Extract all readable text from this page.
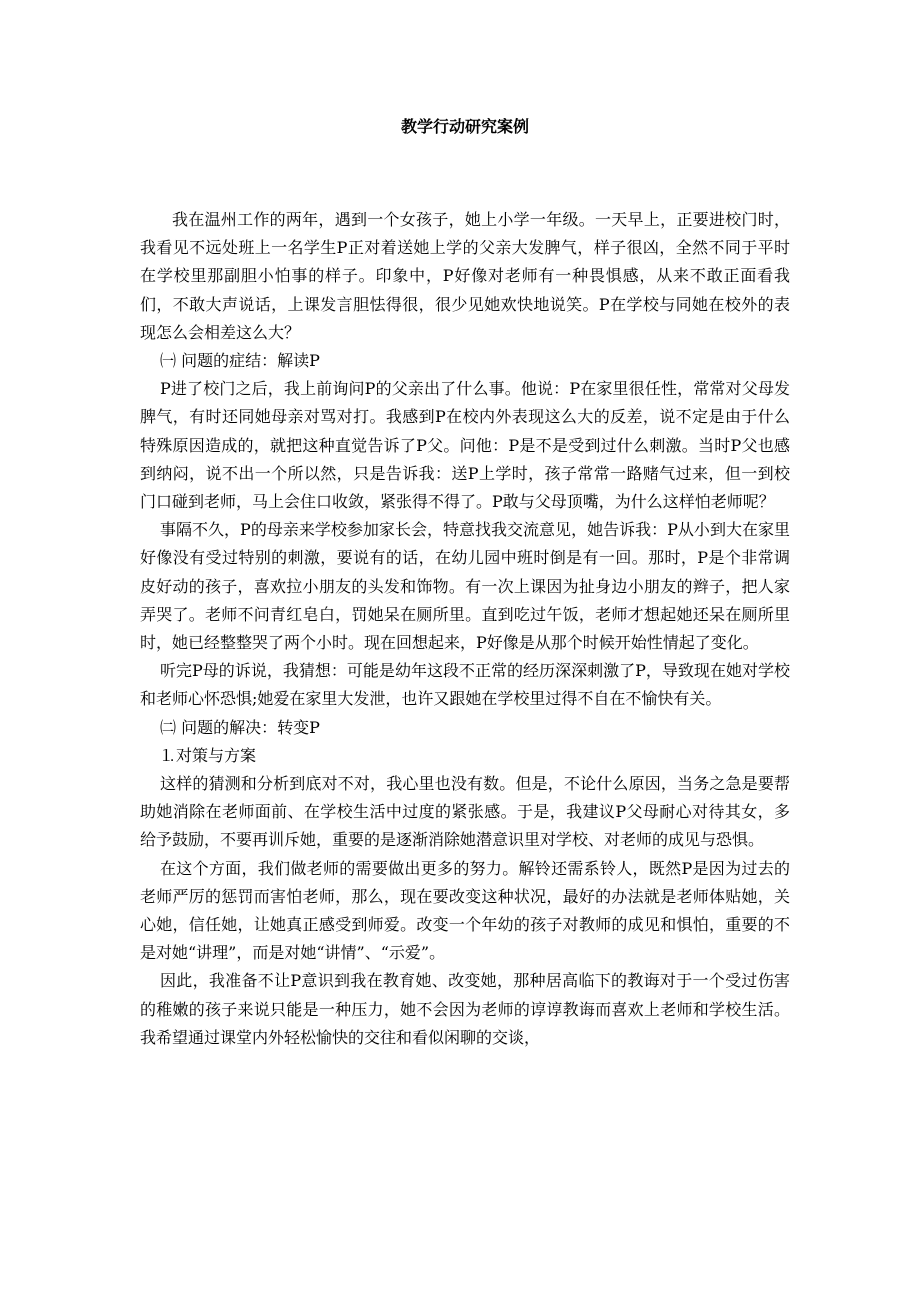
教学行动研究案例

我在温州工作的两年，遇到一个女孩子，她上小学一年级。一天早上，正要进校门时，我看见不远处班上一名学生P正对着送她上学的父亲大发脾气，样子很凶，全然不同于平时在学校里那副胆小怕事的样子。印象中，P好像对老师有一种畏惧感，从来不敢正面看我们，不敢大声说话，上课发言胆怯得很，很少见她欢快地说笑。P在学校与同她在校外的表现怎么会相差这么大？

㈠ 问题的症结：解读P

P进了校门之后，我上前询问P的父亲出了什么事。他说：P在家里很任性，常常对父母发脾气，有时还同她母亲对骂对打。我感到P在校内外表现这么大的反差，说不定是由于什么特殊原因造成的，就把这种直觉告诉了P父。问他：P是不是受到过什么刺激。当时P父也感到纳闷，说不出一个所以然，只是告诉我：送P上学时，孩子常常一路赌气过来，但一到校门口碰到老师，马上会住口收敛，紧张得不得了。P敢与父母顶嘴，为什么这样怕老师呢？

事隔不久，P的母亲来学校参加家长会，特意找我交流意见，她告诉我：P从小到大在家里好像没有受过特别的刺激，要说有的话，在幼儿园中班时倒是有一回。那时，P是个非常调皮好动的孩子，喜欢拉小朋友的头发和饰物。有一次上课因为扯身边小朋友的辫子，把人家弄哭了。老师不问青红皂白，罚她呆在厕所里。直到吃过午饭，老师才想起她还呆在厕所里时，她已经整整哭了两个小时。现在回想起来，P好像是从那个时候开始性情起了变化。

听完P母的诉说，我猜想：可能是幼年这段不正常的经历深深刺激了P，导致现在她对学校和老师心怀恐惧;她爱在家里大发泄，也许又跟她在学校里过得不自在不愉快有关。

㈡ 问题的解决：转变P

⒈对策与方案

这样的猜测和分析到底对不对，我心里也没有数。但是，不论什么原因，当务之急是要帮助她消除在老师面前、在学校生活中过度的紧张感。于是，我建议P父母耐心对待其女，多给予鼓励，不要再训斥她，重要的是逐渐消除她潜意识里对学校、对老师的成见与恐惧。

在这个方面，我们做老师的需要做出更多的努力。解铃还需系铃人，既然P是因为过去的老师严厉的惩罚而害怕老师，那么，现在要改变这种状况，最好的办法就是老师体贴她，关心她，信任她，让她真正感受到师爱。改变一个年幼的孩子对教师的成见和惧怕，重要的不是对她“讲理”，而是对她“讲情”、“示爱”。

因此，我准备不让P意识到我在教育她、改变她，那种居高临下的教诲对于一个受过伤害的稚嫩的孩子来说只能是一种压力，她不会因为老师的谆谆教诲而喜欢上老师和学校生活。我希望通过课堂内外轻松愉快的交往和看似闲聊的交谈，
